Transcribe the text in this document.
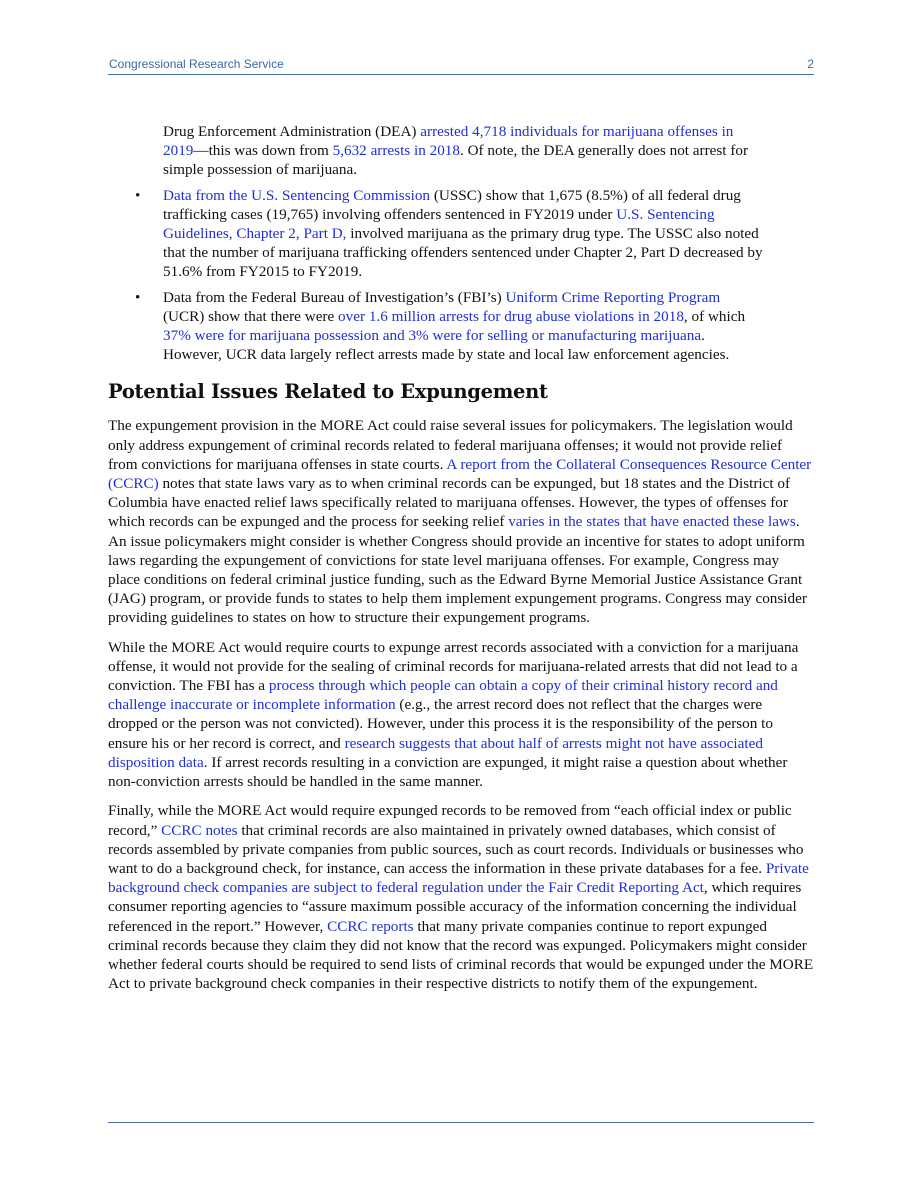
Congressional Research Service	2

Drug Enforcement Administration (DEA) arrested 4,718 individuals for marijuana offenses in 2019—this was down from 5,632 arrests in 2018. Of note, the DEA generally does not arrest for simple possession of marijuana.

• Data from the U.S. Sentencing Commission (USSC) show that 1,675 (8.5%) of all federal drug trafficking cases (19,765) involving offenders sentenced in FY2019 under U.S. Sentencing Guidelines, Chapter 2, Part D, involved marijuana as the primary drug type. The USSC also noted that the number of marijuana trafficking offenders sentenced under Chapter 2, Part D decreased by 51.6% from FY2015 to FY2019.
• Data from the Federal Bureau of Investigation’s (FBI’s) Uniform Crime Reporting Program (UCR) show that there were over 1.6 million arrests for drug abuse violations in 2018, of which 37% were for marijuana possession and 3% were for selling or manufacturing marijuana. However, UCR data largely reflect arrests made by state and local law enforcement agencies.
Potential Issues Related to Expungement

The expungement provision in the MORE Act could raise several issues for policymakers. The legislation would only address expungement of criminal records related to federal marijuana offenses; it would not provide relief from convictions for marijuana offenses in state courts. A report from the Collateral Consequences Resource Center (CCRC) notes that state laws vary as to when criminal records can be expunged, but 18 states and the District of Columbia have enacted relief laws specifically related to marijuana offenses. However, the types of offenses for which records can be expunged and the process for seeking relief varies in the states that have enacted these laws. An issue policymakers might consider is whether Congress should provide an incentive for states to adopt uniform laws regarding the expungement of convictions for state level marijuana offenses. For example, Congress may place conditions on federal criminal justice funding, such as the Edward Byrne Memorial Justice Assistance Grant (JAG) program, or provide funds to states to help them implement expungement programs. Congress may consider providing guidelines to states on how to structure their expungement programs.

While the MORE Act would require courts to expunge arrest records associated with a conviction for a marijuana offense, it would not provide for the sealing of criminal records for marijuana-related arrests that did not lead to a conviction. The FBI has a process through which people can obtain a copy of their criminal history record and challenge inaccurate or incomplete information (e.g., the arrest record does not reflect that the charges were dropped or the person was not convicted). However, under this process it is the responsibility of the person to ensure his or her record is correct, and research suggests that about half of arrests might not have associated disposition data. If arrest records resulting in a conviction are expunged, it might raise a question about whether non-conviction arrests should be handled in the same manner.

Finally, while the MORE Act would require expunged records to be removed from “each official index or public record,” CCRC notes that criminal records are also maintained in privately owned databases, which consist of records assembled by private companies from public sources, such as court records. Individuals or businesses who want to do a background check, for instance, can access the information in these private databases for a fee. Private background check companies are subject to federal regulation under the Fair Credit Reporting Act, which requires consumer reporting agencies to “assure maximum possible accuracy of the information concerning the individual referenced in the report.” However, CCRC reports that many private companies continue to report expunged criminal records because they claim they did not know that the record was expunged. Policymakers might consider whether federal courts should be required to send lists of criminal records that would be expunged under the MORE Act to private background check companies in their respective districts to notify them of the expungement.
